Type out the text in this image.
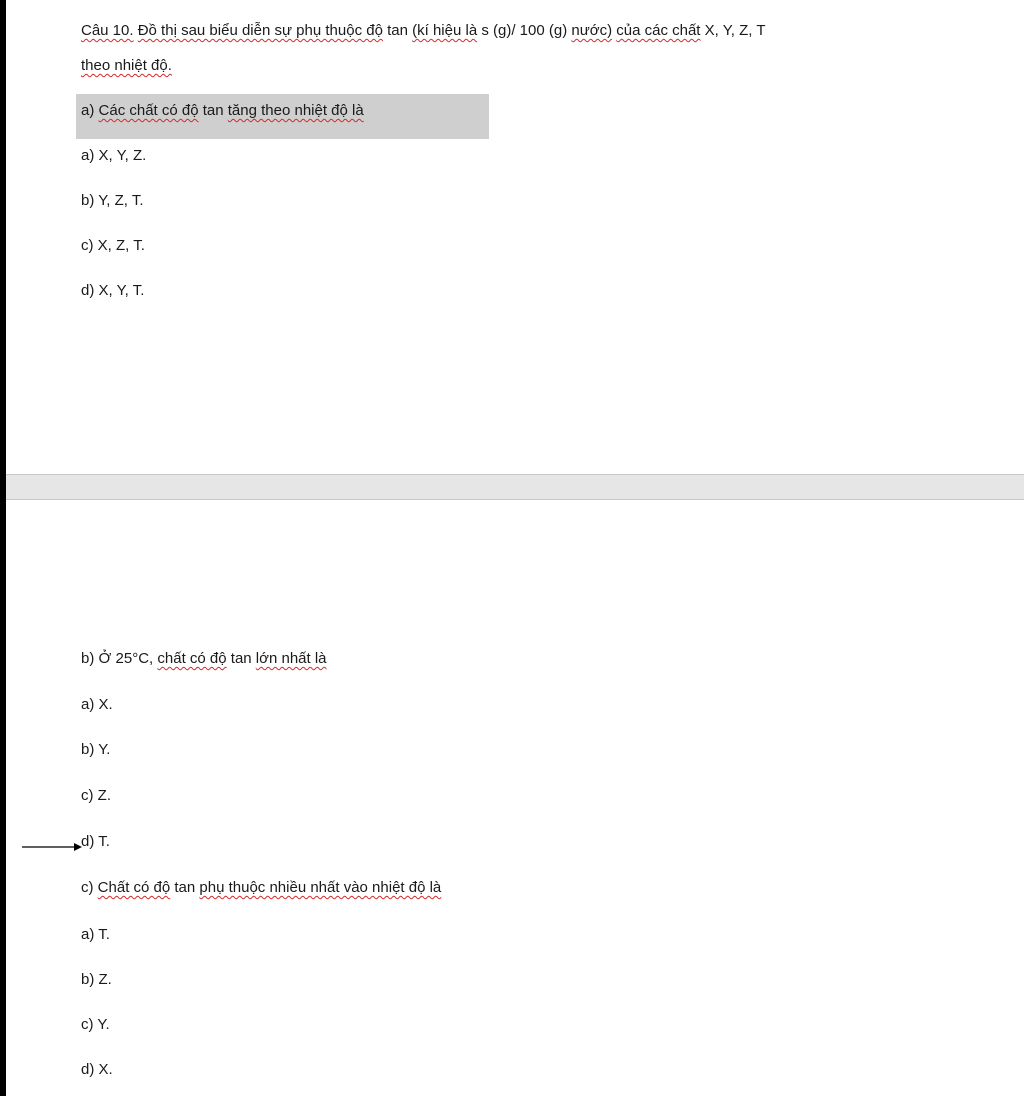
Câu 10. Đồ thị sau biểu diễn sự phụ thuộc độ tan (kí hiệu là s (g)/ 100 (g) nước) của các chất X, Y, Z, T
theo nhiệt độ.
a) Các chất có độ tan tăng theo nhiệt độ là
a) X, Y, Z.
b) Y, Z, T.
c) X, Z, T.
d) X, Y, T.
b) Ở 25°C, chất có độ tan lớn nhất là
a) X.
b) Y.
c) Z.
d) T.
c) Chất có độ tan phụ thuộc nhiều nhất vào nhiệt độ là
a) T.
b) Z.
c) Y.
d) X.
